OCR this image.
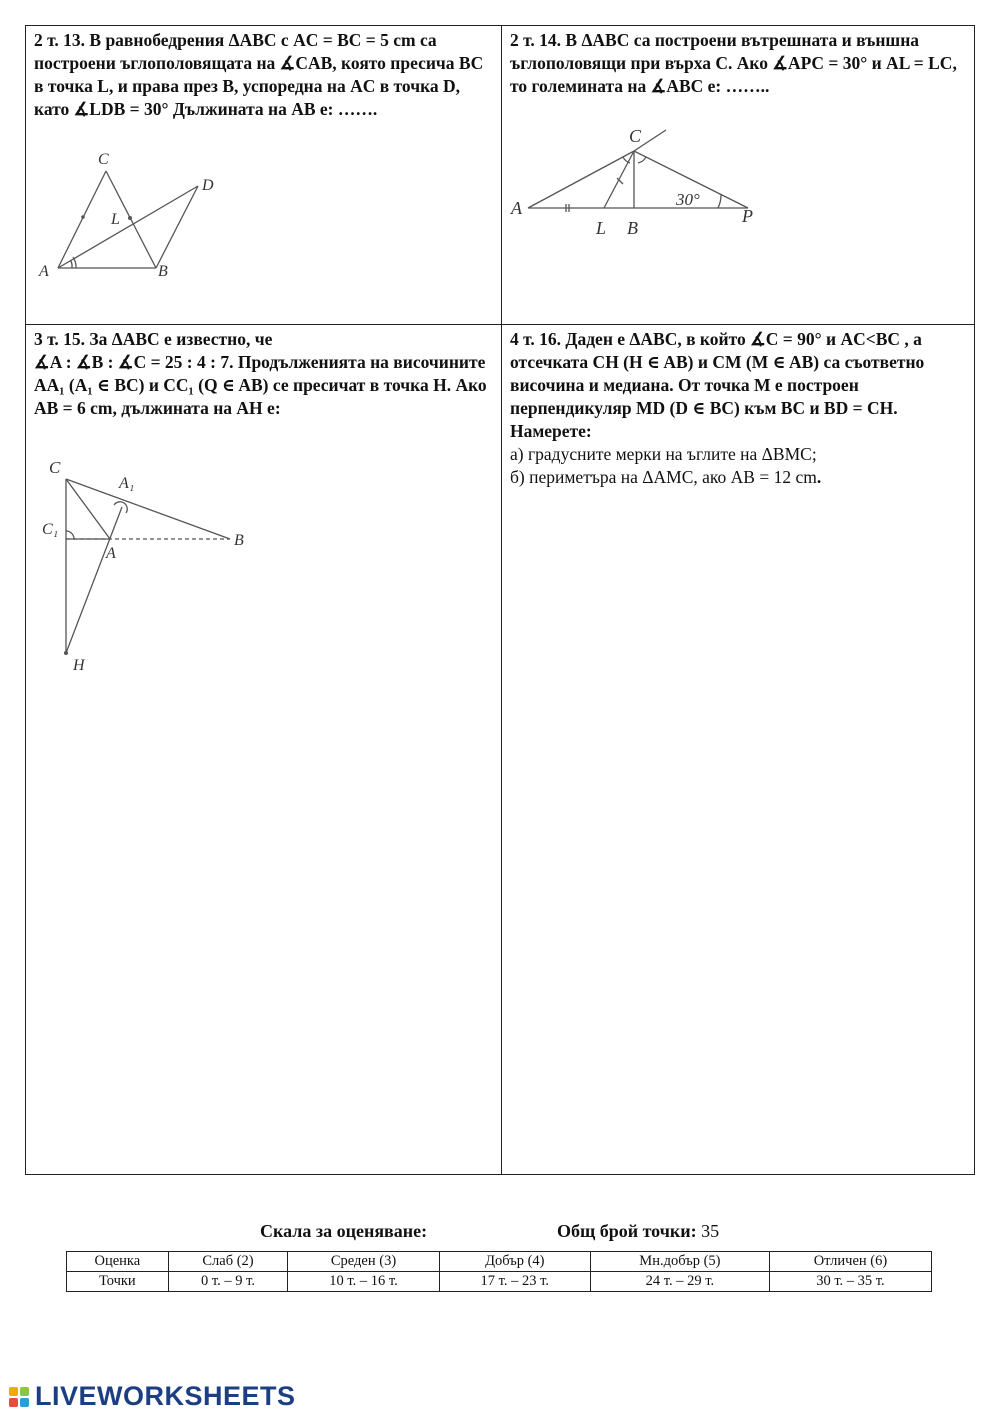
2 т. 13. В равнобедрения ΔABC с AC = BC = 5 cm са построени ъглополовящата на ∡CAB, която пресича BC в точка L, и права през B, успоредна на AC в точка D, като ∡LDB = 30° Дължината на AB е: …….

C
D
L
A	B

2 т. 14. В ΔABC са построени вътрешната и външна ъглополовящи при върха C. Ако ∡APC = 30° и AL = LC, то големината на ∡ABC е: ……..

C
A
L B
P
30°

3 т. 15. За ΔABC е известно, че

∡A : ∡B : ∡C = 25 : 4 : 7. Продълженията на височините AA₁ (A₁ ∈ BC) и CC₁ (Q ∈ AB) се пресичат в точка H. Ако AB = 6 cm, дължината на AH е:

C
A₁
C₁
A
B
H

4 т. 16. Даден е ΔABC, в който ∡C = 90° и AC<BC , а отсечката CH (H ∈ AB) и CM (M ∈ AB) са съответно височина и медиана. От точка M е построен перпендикуляр MD (D ∈ BC) към BC и BD = CH. Намерете:

а) градусните мерки на ъглите на ΔBMC;

б) периметъра на ΔAMC, ако AB = 12 cm.

Скала за оценяване:	Общ брой точки: 35
Оценка	Слаб (2)	Среден (3)	Добър (4)	Мн.добър (5)	Отличен (6)
Точки	0 т. – 9 т.	10 т. – 16 т.	17 т. – 23 т.	24 т. – 29 т.	30 т. – 35 т.
LIVEWORKSHEETS
